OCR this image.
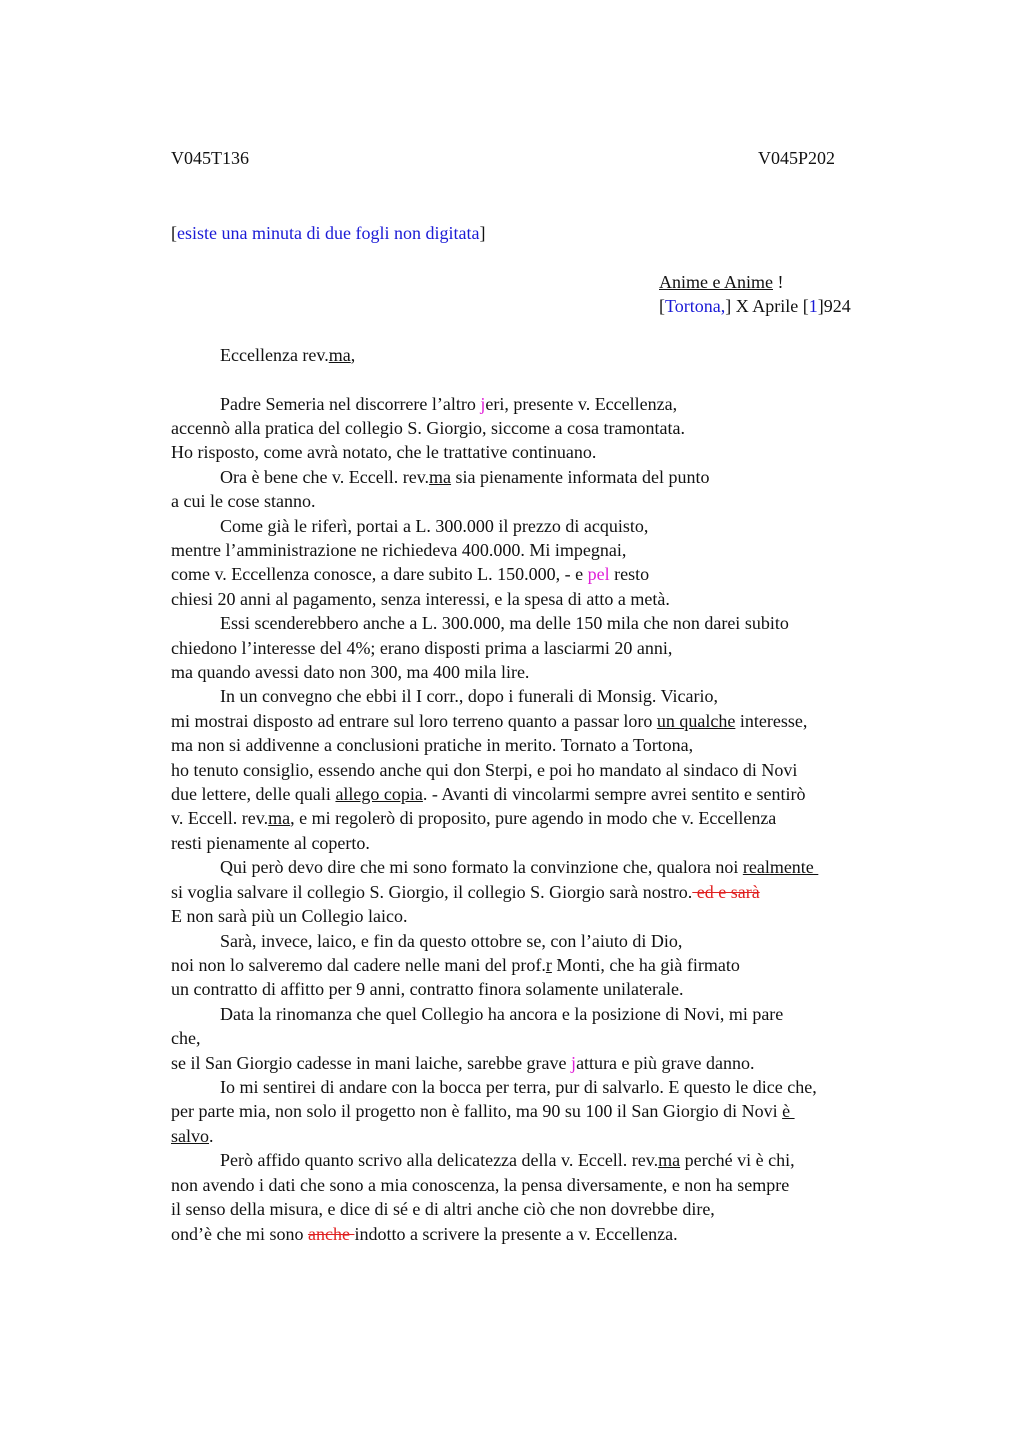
V045T136	V045P202
[esiste una minuta di due fogli non digitata]
Anime e Anime !
[Tortona,] X Aprile [1]924
Eccellenza rev.ma,
Padre Semeria nel discorrere l’altro jeri, presente v. Eccellenza,
accennò alla pratica del collegio S. Giorgio, siccome a cosa tramontata.
Ho risposto, come avrà notato, che le trattative continuano.
Ora è bene che v. Eccell. rev.ma sia pienamente informata del punto
a cui le cose stanno.
Come già le riferi, portai a L. 300.000 il prezzo di acquisto,
mentre l’amministrazione ne richiedeva 400.000. Mi impegnai,
come v. Eccellenza conosce, a dare subito L. 150.000, - e pel resto
chiesi 20 anni al pagamento, senza interessi, e la spesa di atto a metà.
Essi scenderebbero anche a L. 300.000, ma delle 150 mila che non darei subito
chiedono l’interesse del 4%; erano disposti prima a lasciarmi 20 anni,
ma quando avessi dato non 300, ma 400 mila lire.
In un convegno che ebbi il I corr., dopo i funerali di Monsig. Vicario,
mi mostrai disposto ad entrare sul loro terreno quanto a passar loro un qualche interesse,
ma non si addivenne a conclusioni pratiche in merito. Tornato a Tortona,
ho tenuto consiglio, essendo anche qui don Sterpi, e poi ho mandato al sindaco di Novi
due lettere, delle quali allego copia. - Avanti di vincolarmi sempre avrei sentito e sentirò
v. Eccell. rev.ma, e mi regolerò di proposito, pure agendo in modo che v. Eccellenza
resti pienamente al coperto.
Qui però devo dire che mi sono formato la convinzione che, qualora noi realmente
si voglia salvare il collegio S. Giorgio, il collegio S. Giorgio sarà nostro. ed e sarà
E non sarà più un Collegio laico.
Sarà, invece, laico, e fin da questo ottobre se, con l’aiuto di Dio,
noi non lo salveremo dal cadere nelle mani del prof.r Monti, che ha già firmato
un contratto di affitto per 9 anni, contratto finora solamente unilaterale.
Data la rinomanza che quel Collegio ha ancora e la posizione di Novi, mi pare
che,
se il San Giorgio cadesse in mani laiche, sarebbe grave jattura e più grave danno.
Io mi sentirei di andare con la bocca per terra, pur di salvarlo. E questo le dice che,
per parte mia, non solo il progetto non è fallito, ma 90 su 100 il San Giorgio di Novi è
salvo.
Però affido quanto scrivo alla delicatezza della v. Eccell. rev.ma perché vi è chi,
non avendo i dati che sono a mia conoscenza, la pensa diversamente, e non ha sempre
il senso della misura, e dice di sé e di altri anche ciò che non dovrebbe dire,
ond’è che mi sono anche indotto a scrivere la presente a v. Eccellenza.
